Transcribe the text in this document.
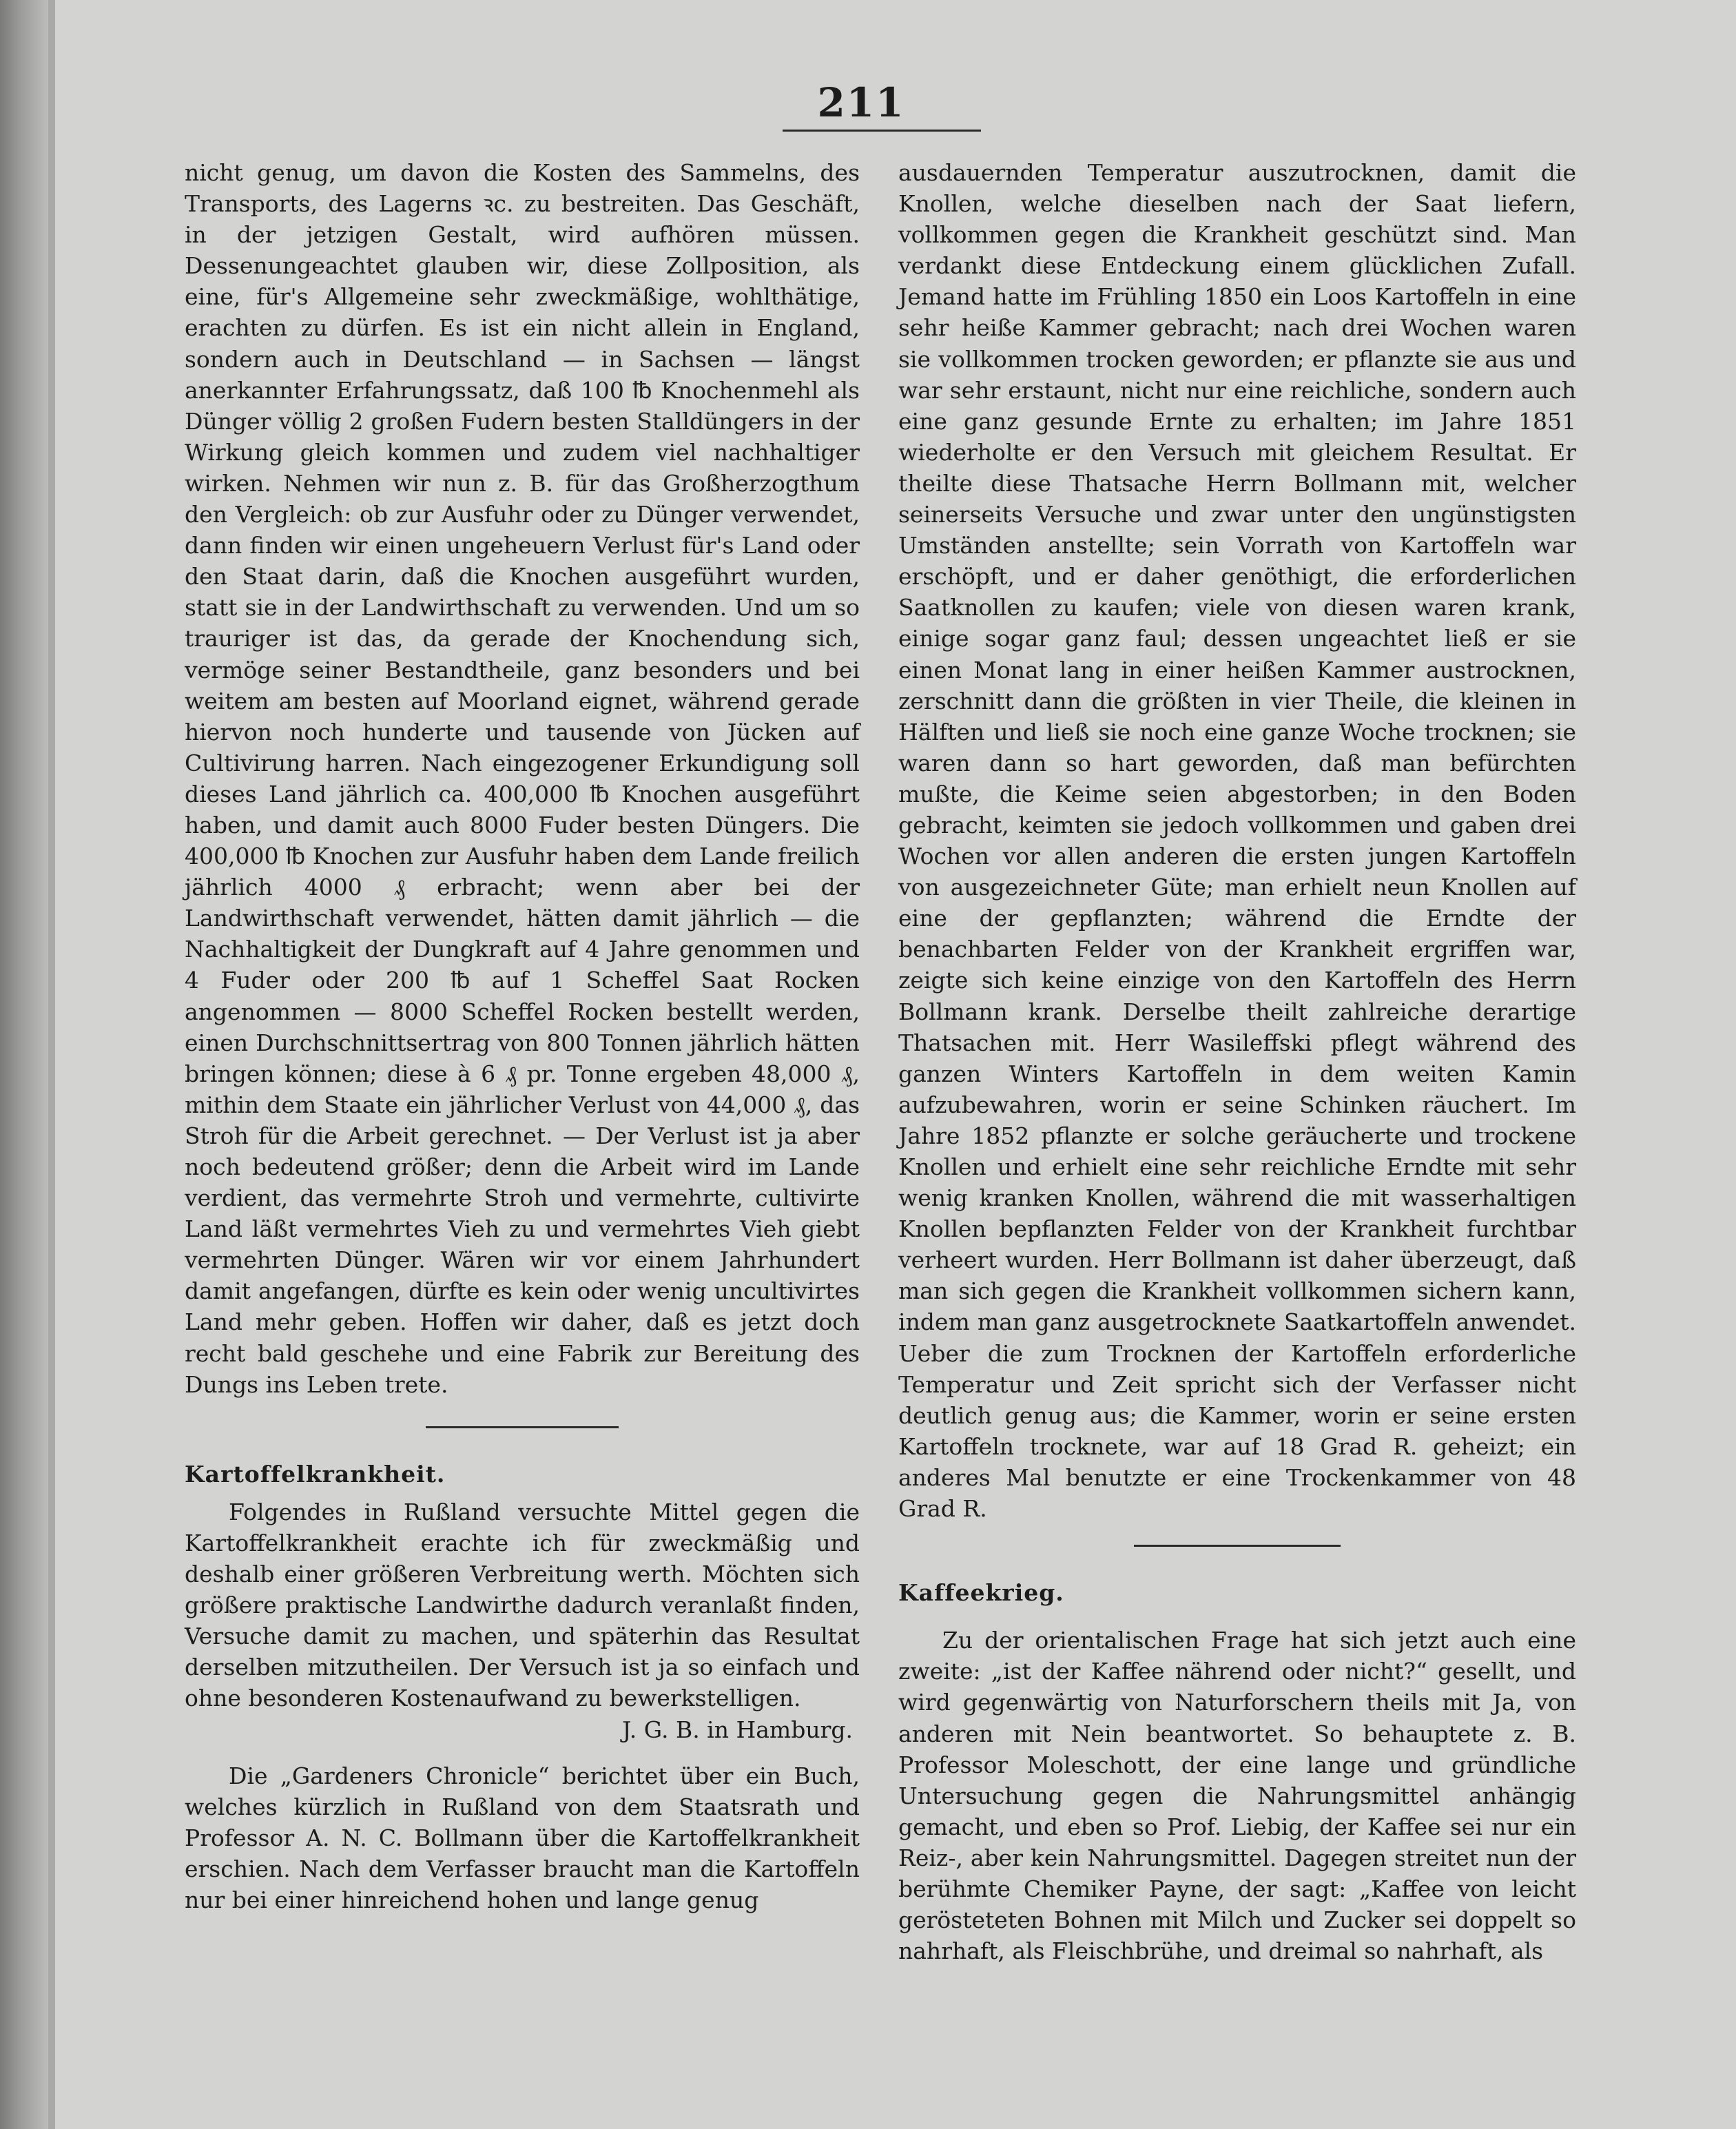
211

nicht genug, um davon die Kosten des Sammelns, des Transports, des Lagerns ꝛc. zu bestreiten. Das Geschäft, in der jetzigen Gestalt, wird aufhören müssen. Dessenungeachtet glauben wir, diese Zollposition, als eine, für's Allgemeine sehr zweckmäßige, wohlthätige, erachten zu dürfen. Es ist ein nicht allein in England, sondern auch in Deutschland — in Sachsen — längst anerkannter Erfahrungssatz, daß 100 ℔ Knochenmehl als Dünger völlig 2 großen Fudern besten Stalldüngers in der Wirkung gleich kommen und zudem viel nachhaltiger wirken. Nehmen wir nun z. B. für das Großherzogthum den Vergleich: ob zur Ausfuhr oder zu Dünger verwendet, dann finden wir einen ungeheuern Verlust für's Land oder den Staat darin, daß die Knochen ausgeführt wurden, statt sie in der Landwirthschaft zu verwenden. Und um so trauriger ist das, da gerade der Knochendung sich, vermöge seiner Bestandtheile, ganz besonders und bei weitem am besten auf Moorland eignet, während gerade hiervon noch hunderte und tausende von Jücken auf Cultivirung harren. Nach eingezogener Erkundigung soll dieses Land jährlich ca. 400,000 ℔ Knochen ausgeführt haben, und damit auch 8000 Fuder besten Düngers. Die 400,000 ℔ Knochen zur Ausfuhr haben dem Lande freilich jährlich 4000 ₰ erbracht; wenn aber bei der Landwirthschaft verwendet, hätten damit jährlich — die Nachhaltigkeit der Dungkraft auf 4 Jahre genommen und 4 Fuder oder 200 ℔ auf 1 Scheffel Saat Rocken angenommen — 8000 Scheffel Rocken bestellt werden, einen Durchschnittsertrag von 800 Tonnen jährlich hätten bringen können; diese à 6 ₰ pr. Tonne ergeben 48,000 ₰, mithin dem Staate ein jährlicher Verlust von 44,000 ₰, das Stroh für die Arbeit gerechnet. — Der Verlust ist ja aber noch bedeutend größer; denn die Arbeit wird im Lande verdient, das vermehrte Stroh und vermehrte, cultivirte Land läßt vermehrtes Vieh zu und vermehrtes Vieh giebt vermehrten Dünger. Wären wir vor einem Jahrhundert damit angefangen, dürfte es kein oder wenig uncultivirtes Land mehr geben. Hoffen wir daher, daß es jetzt doch recht bald geschehe und eine Fabrik zur Bereitung des Dungs ins Leben trete.

Kartoffelkrankheit.

Folgendes in Rußland versuchte Mittel gegen die Kartoffelkrankheit erachte ich für zweckmäßig und deshalb einer größeren Verbreitung werth. Möchten sich größere praktische Landwirthe dadurch veranlaßt finden, Versuche damit zu machen, und späterhin das Resultat derselben mitzutheilen. Der Versuch ist ja so einfach und ohne besonderen Kostenaufwand zu bewerkstelligen.

J. G. B. in Hamburg.

Die „Gardeners Chronicle“ berichtet über ein Buch, welches kürzlich in Rußland von dem Staatsrath und Professor A. N. C. Bollmann über die Kartoffelkrankheit erschien. Nach dem Verfasser braucht man die Kartoffeln nur bei einer hinreichend hohen und lange genug

ausdauernden Temperatur auszutrocknen, damit die Knollen, welche dieselben nach der Saat liefern, vollkommen gegen die Krankheit geschützt sind. Man verdankt diese Entdeckung einem glücklichen Zufall. Jemand hatte im Frühling 1850 ein Loos Kartoffeln in eine sehr heiße Kammer gebracht; nach drei Wochen waren sie vollkommen trocken geworden; er pflanzte sie aus und war sehr erstaunt, nicht nur eine reichliche, sondern auch eine ganz gesunde Ernte zu erhalten; im Jahre 1851 wiederholte er den Versuch mit gleichem Resultat. Er theilte diese Thatsache Herrn Bollmann mit, welcher seinerseits Versuche und zwar unter den ungünstigsten Umständen anstellte; sein Vorrath von Kartoffeln war erschöpft, und er daher genöthigt, die erforderlichen Saatknollen zu kaufen; viele von diesen waren krank, einige sogar ganz faul; dessen ungeachtet ließ er sie einen Monat lang in einer heißen Kammer austrocknen, zerschnitt dann die größten in vier Theile, die kleinen in Hälften und ließ sie noch eine ganze Woche trocknen; sie waren dann so hart geworden, daß man befürchten mußte, die Keime seien abgestorben; in den Boden gebracht, keimten sie jedoch vollkommen und gaben drei Wochen vor allen anderen die ersten jungen Kartoffeln von ausgezeichneter Güte; man erhielt neun Knollen auf eine der gepflanzten; während die Erndte der benachbarten Felder von der Krankheit ergriffen war, zeigte sich keine einzige von den Kartoffeln des Herrn Bollmann krank. Derselbe theilt zahlreiche derartige Thatsachen mit. Herr Wasileffski pflegt während des ganzen Winters Kartoffeln in dem weiten Kamin aufzubewahren, worin er seine Schinken räuchert. Im Jahre 1852 pflanzte er solche geräucherte und trockene Knollen und erhielt eine sehr reichliche Erndte mit sehr wenig kranken Knollen, während die mit wasserhaltigen Knollen bepflanzten Felder von der Krankheit furchtbar verheert wurden. Herr Bollmann ist daher überzeugt, daß man sich gegen die Krankheit vollkommen sichern kann, indem man ganz ausgetrocknete Saatkartoffeln anwendet. Ueber die zum Trocknen der Kartoffeln erforderliche Temperatur und Zeit spricht sich der Verfasser nicht deutlich genug aus; die Kammer, worin er seine ersten Kartoffeln trocknete, war auf 18 Grad R. geheizt; ein anderes Mal benutzte er eine Trockenkammer von 48 Grad R.

Kaffeekrieg.

Zu der orientalischen Frage hat sich jetzt auch eine zweite: „ist der Kaffee nährend oder nicht?“ gesellt, und wird gegenwärtig von Naturforschern theils mit Ja, von anderen mit Nein beantwortet. So behauptete z. B. Professor Moleschott, der eine lange und gründliche Untersuchung gegen die Nahrungsmittel anhängig gemacht, und eben so Prof. Liebig, der Kaffee sei nur ein Reiz-, aber kein Nahrungsmittel. Dagegen streitet nun der berühmte Chemiker Payne, der sagt: „Kaffee von leicht gerösteteten Bohnen mit Milch und Zucker sei doppelt so nahrhaft, als Fleischbrühe, und dreimal so nahrhaft, als
